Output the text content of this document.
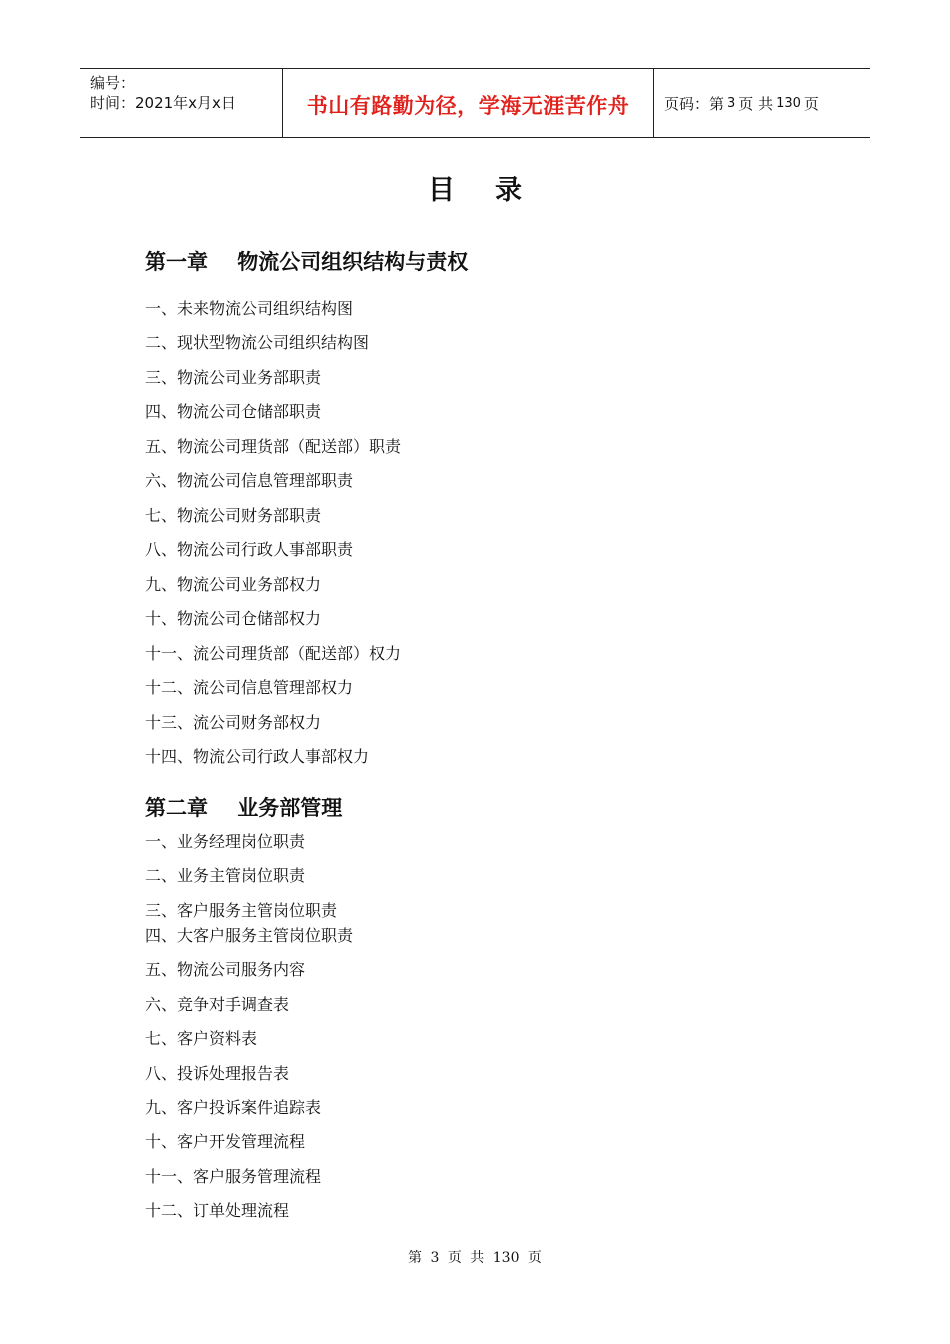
编号：
时间：2021年x月x日	书山有路勤为径，学海无涯苦作舟	页码：第 3 页 共 130 页
目录
第一章    物流公司组织结构与责权
一、未来物流公司组织结构图
二、现状型物流公司组织结构图
三、物流公司业务部职责
四、物流公司仓储部职责
五、物流公司理货部（配送部）职责
六、物流公司信息管理部职责
七、物流公司财务部职责
八、物流公司行政人事部职责
九、物流公司业务部权力
十、物流公司仓储部权力
十一、流公司理货部（配送部）权力
十二、流公司信息管理部权力
十三、流公司财务部权力
十四、物流公司行政人事部权力
第二章    业务部管理
一、业务经理岗位职责
二、业务主管岗位职责
三、客户服务主管岗位职责
四、大客户服务主管岗位职责
五、物流公司服务内容
六、竞争对手调查表
七、客户资料表
八、投诉处理报告表
九、客户投诉案件追踪表
十、客户开发管理流程
十一、客户服务管理流程
十二、订单处理流程
第 3 页 共 130 页
